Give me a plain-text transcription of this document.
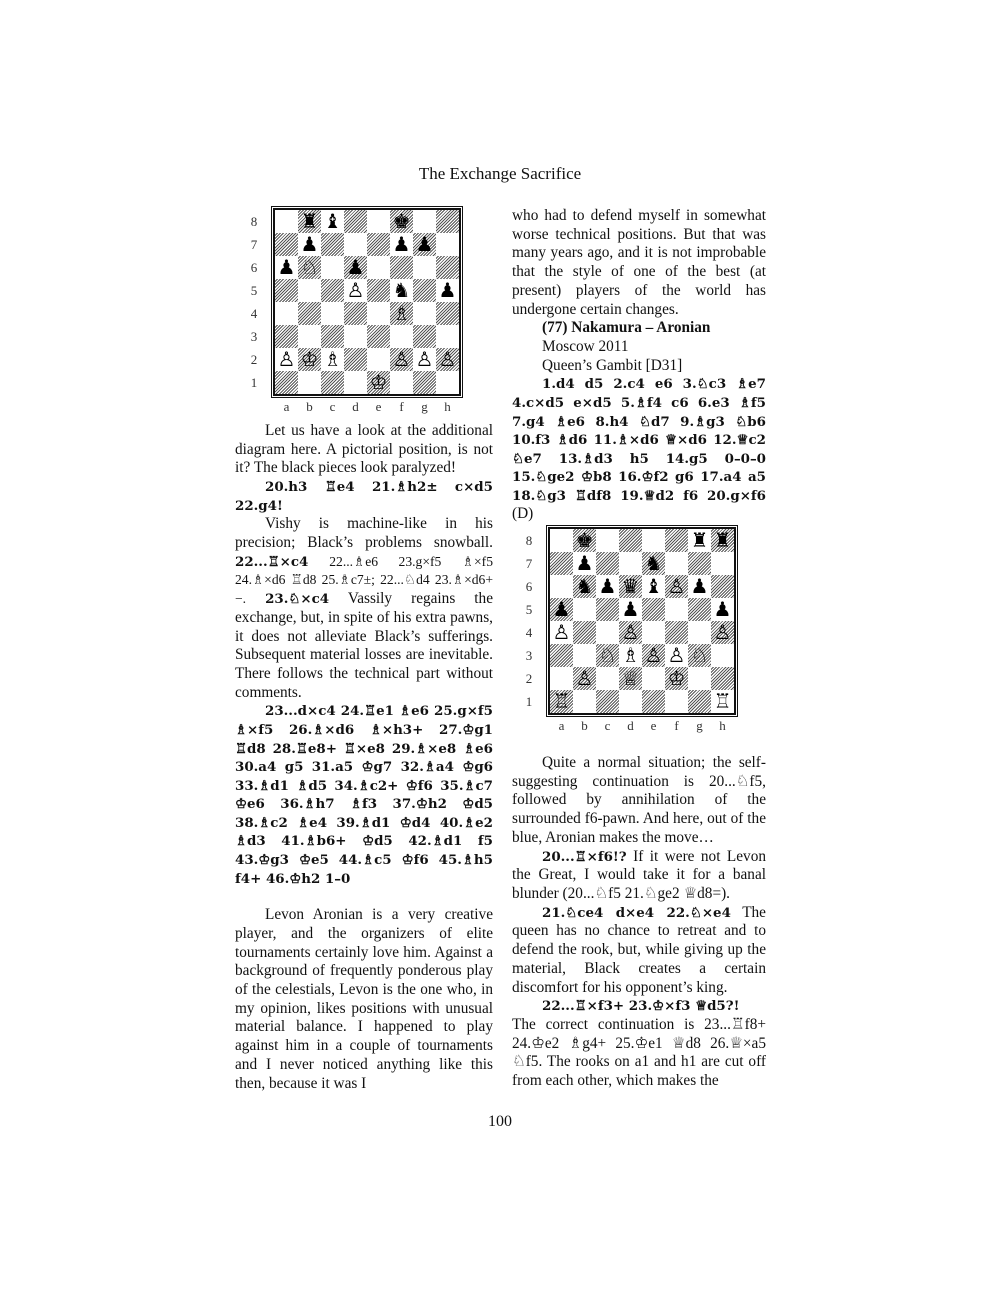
The Exchange Sacrifice
8
7
6
5
4
3
2
1
♜ ♝	♚
♟	♟ ♟
♟ ♘ ♟
♙ ♞ ♟
♗
♙ ♔ ♗	♙ ♙ ♙
♔
a	b	c	d	e	f	g	h

Let us have a look at the additional diagram here. A pictorial position, is not it? The black pieces look paralyzed!

20.h3 ♖e4 21.♗h2± c×d5 22.g4!

Vishy is machine-like in his precision; Black’s problems snowball. 22...♖×c4 22...♗e6 23.g×f5 ♗×f5 24.♗×d6 ♖d8 25.♗c7±; 22...♘d4 23.♗×d6+−. 23.♘×c4 Vassily regains the exchange, but, in spite of his extra pawns, it does not alleviate Black’s sufferings. Subsequent material losses are inevitable. There follows the technical part without comments.

23...d×c4 24.♖e1 ♗e6 25.g×f5 ♗×f5 26.♗×d6 ♗×h3+ 27.♔g1 ♖d8 28.♖e8+ ♖×e8 29.♗×e8 ♗e6 30.a4 g5 31.a5 ♔g7 32.♗a4 ♔g6 33.♗d1 ♗d5 34.♗c2+ ♔f6 35.♗c7 ♔e6 36.♗h7 ♗f3 37.♔h2 ♔d5 38.♗c2 ♗e4 39.♗d1 ♔d4 40.♗e2 ♗d3 41.♗b6+ ♔d5 42.♗d1 f5 43.♔g3 ♔e5 44.♗c5 ♔f6 45.♗h5 f4+ 46.♔h2 1–0

Levon Aronian is a very creative player, and the organizers of elite tournaments certainly love him. Against a background of frequently ponderous play of the celestials, Levon is the one who, in my opinion, likes positions with unusual material balance. I happened to play against him in a couple of tournaments and I never noticed anything like this then, because it was I

who had to defend myself in somewhat worse technical positions. But that was many years ago, and it is not improbable that the style of one of the best (at present) players of the world has undergone certain changes.

(77) Nakamura – Aronian

Moscow 2011

Queen’s Gambit [D31]

1.d4 d5 2.c4 e6 3.♘c3 ♗e7 4.c×d5 e×d5 5.♗f4 c6 6.e3 ♗f5 7.g4 ♗e6 8.h4 ♘d7 9.♗g3 ♘b6 10.f3 ♗d6 11.♗×d6 ♕×d6 12.♕c2 ♘e7 13.♗d3 h5 14.g5 0–0–0 15.♘ge2 ♔b8 16.♔f2 g6 17.a4 a5 18.♘g3 ♖df8 19.♕d2 f6 20.g×f6 (D)

8
7
6
5
4
3
2
1
♚	♜ ♜
♟	♞
♞ ♟ ♛ ♝ ♙ ♟
♟	♟	♟
♙	♙	♙
♘ ♗ ♙ ♙ ♘
♙ ♕ ♔
♖	♖
a	b	c	d	e	f	g	h

Quite a normal situation; the self-suggesting continuation is 20...♘f5, followed by annihilation of the surrounded f6-pawn. And here, out of the blue, Aronian makes the move…

20...♖×f6!? If it were not Levon the Great, I would take it for a banal blunder (20...♘f5 21.♘ge2 ♕d8=).

21.♘ce4 d×e4 22.♘×e4 The queen has no chance to retreat and to defend the rook, but, while giving up the material, Black creates a certain discomfort for his opponent’s king.

22...♖×f3+ 23.♔×f3 ♕d5?!

The correct continuation is 23...♖f8+ 24.♔e2 ♗g4+ 25.♔e1 ♕d8 26.♕×a5 ♘f5. The rooks on a1 and h1 are cut off from each other, which makes the

100
